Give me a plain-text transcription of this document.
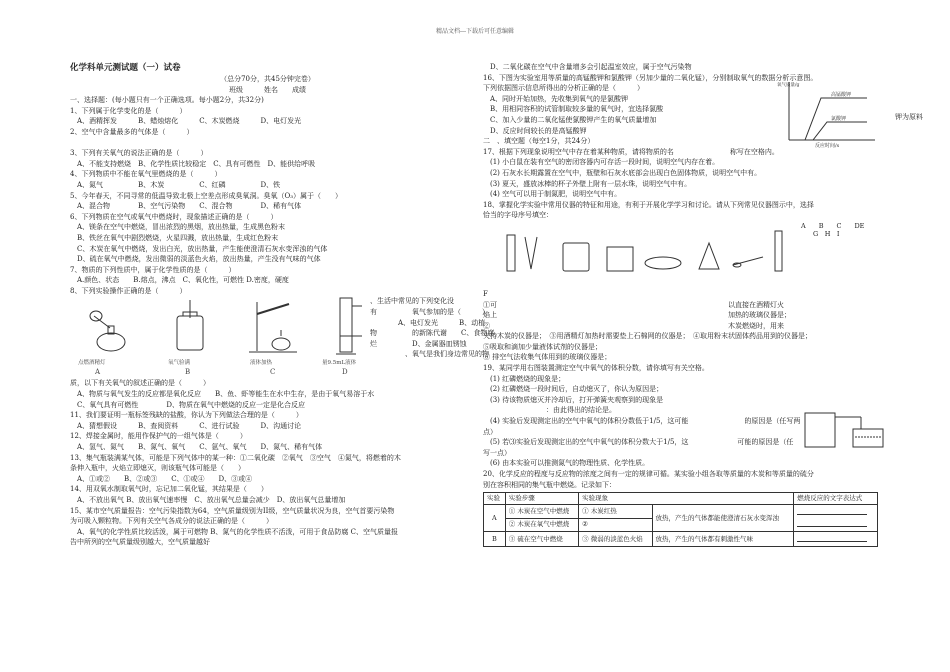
精品文档---下载后可任意编辑
化学科单元测试题（一）试卷
（总分70分，共45分钟完卷）
班级　　　姓名　　成绩
一、选择题：(每小题只有一个正确选项。每小题2分，共32分)
1、下列属于化学变化的是（　　　）
　A、酒精挥发　　　B、蜡烛熔化　　　C、木炭燃烧　　　D、电灯发光
2、空气中含量最多的气体是（　　　）

3、下列有关氧气的说法正确的是（　　　）
　A、不能支持燃烧　B、化学性质比较稳定　C、具有可燃性　D、能供给呼吸
4、下列物质中不能在氧气里燃烧的是（　　　）
　A、氮气　　　　　B、木炭　　　　　C、红磷　　　　　D、铁
5、今年春天，不同寻常的低温导致北极上空差点形成臭氧洞。臭氧（O₃）属于（　　）
　A、混合物　　　　B、空气污染物　　C、混合物　　　　D、稀有气体
6、下列物质在空气或氧气中燃烧时，现象描述正确的是（　　　）
　A、镁条在空气中燃烧，冒出浓烈的黑烟，放出热量，生成黑色粉末
　B、铁丝在氧气中剧烈燃烧，火星四溅，放出热量，生成红色粉末
　C、木炭在氧气中燃烧，发出白光，放出热量，产生能使澄清石灰水变浑浊的气体
　D、硫在氧气中燃烧，发出微弱的淡蓝色火焰，放出热量，产生没有气味的气体
7、物质的下列性质中，属于化学性质的是（　　　）
　A.颜色、状态　　B.熔点，沸点　C、氧化性，可燃性 D.密度，硬度
8、下列实验操作正确的是（　　　）
点燃酒精灯	氧气验满	液体加热	量9.5mL液体
A	B	C	D
、生活中常见的下列变化没
有　　　　　氧气参加的是（　　　）
　　　　A、电灯发光　　　B、动植
物　　　　　的新陈代谢　　C、食物腐
烂　　　　　D、金属器皿锈蚀
　　　　　、氧气是我们身边常见的物
质，以下有关氧气的叙述正确的是（　　　）
　A、物质与氧气发生的反应都是氧化反应　　B、鱼、虾等能生在水中生存，是由于氧气易溶于水
　C、氧气具有可燃性　　　　D、物质在氧气中燃烧的反应一定是化合反应
11、我们要证明一瓶标签残缺的盐酸，你认为下列做法合理的是（　　　）
　A、猜想假设　　　B、查阅资料　　　C、进行试验　　　D、沟通讨论
12、焊接金属时，能用作保护气的一组气体是（　　　）
　A、氢气、氮气　　B、氮气、氧气　　C、氩气、氧气　　D、氮气、稀有气体
13、集气瓶装满某气体，可能是下列气体中的某一种：①二氧化碳　②氧气　③空气　④氮气，将燃着的木
条伸入瓶中，火焰立即熄灭，则该瓶气体可能是（　　）
　A、①或②　　B、②或③　　C、①或④　　D、③或④
14、用双氧水制取氧气时，忘记加二氧化锰，其结果是（　　）
　A、不放出氧气 B、放出氧气速率慢　C、放出氧气总量会减少　D、放出氧气总量增加
15、某市空气质量报告：空气污染指数为64，空气质量级别为II级，空气质量状况为良，空气首要污染物
为可吸入颗粒物。下列有关空气各成分的说法正确的是（　　　）
　A、氧气的化学性质比较活泼，属于可燃物 B、氮气的化学性质不活泼，可用于食品防腐 C、空气质量报
告中所列的空气质量级别越大，空气质量越好
　D、二氧化碳在空气中含量增多会引起温室效应，属于空气污染物
16、下图为实验室用等质量的高锰酸钾和氯酸钾（另加少量的二氧化锰），分别制取氧气的数据分析示意图。
下列依据图示信息所得出的分析正确的是（　　　）
　A、同时开始加热，先收集到氧气的是氯酸钾
　B、用相同容积的试管制取较多量的氧气时，宜选择氯酸
　C、加入少量的二氧化锰使氯酸钾产生的氧气质量增加
　D、反应时间较长的是高锰酸钾
二　、填空题（每空1分，共24分）
17、根据下列现象说明空气中存在着某种物质，请将物质的名　　　　　　　　称写在空格内。
　(1) 小白鼠在装有空气的密闭容器内可存活一段时间，说明空气内存在着。
　(2) 石灰水长期露置在空气中，瓶壁和石灰水底部会出现白色固体物质，说明空气中有。
　(3) 夏天，盛放冰棒的杯子外壁上附有一层水珠，说明空气中有。
　(4) 空气可以用于制氮肥，说明空气中有。
18、掌握化学实验中常用仪器的特征和用途，有利于开展化学学习和讨论。请从下列常见仪器图示中，选择
恰当的字母序号填空：
高锰酸钾
氯酸钾
反应时间/s
氧气质量/g
钾为原料
A　　B　　C　　DE
G　H　I
F
①可　　　　　　　　　　　　　　　　　　　　　　　　　　　　　　　　　以直接在酒精灯火
焰上　　　　　　　　　　　　　　　　　　　　　　　　　　　　　　　　　加热的玻璃仪器是；
②　　　　　　　　　　　　　　　　　　　　　　　　　　　　　　　　　　木炭燃烧时，用来
夹持木炭的仪器是；　③用酒精灯加热时需要垫上石棉网的仪器是；　④取用粉末状固体药品用到的仪器是；
⑤吸取和滴加少量液体试剂的仪器是；
⑥ 排空气法收集气体用到的玻璃仪器是；
19、某同学用右图装置测定空气中氧气的体积分数，请你填写有关空格。
　(1) 红磷燃烧的现象是；
　(2) 红磷燃烧一段时间后，自动熄灭了，你认为原因是；
　(3) 待该物质熄灭并冷却后，打开弹簧夹观察到的现象是
　　　　　　　　　：由此得出的结论是。
　(4) 实验后发现测定出的空气中氧气的体积分数低于1/5，这可能　　　　　　　　的原因是（任写两
点）
　(5) 若⑶实验后发现测定出的空气中氧气的体积分数大于1/5，这　　　　　　　可能的原因是（任
写一点）
　(6) 由本实验可以推测氮气的物理性质、化学性质。
20、化学反应的程度与反应物的浓度之间有一定的规律可循。某实验小组各取等质量的木炭和等质量的硫分
别在容积相同的集气瓶中燃烧。记录如下：
实验	实验步骤	实验现象		燃烧反应的文字表达式
A	① 木炭在空气中燃烧	① 木炭红热	放热，产生的气体都能使澄清石灰水变浑浊	

	② 木炭在氧气中燃烧	②		
B	③ 硫在空气中燃烧	③ 微弱的淡蓝色火焰	放热，产生的气体都有刺激性气味	
